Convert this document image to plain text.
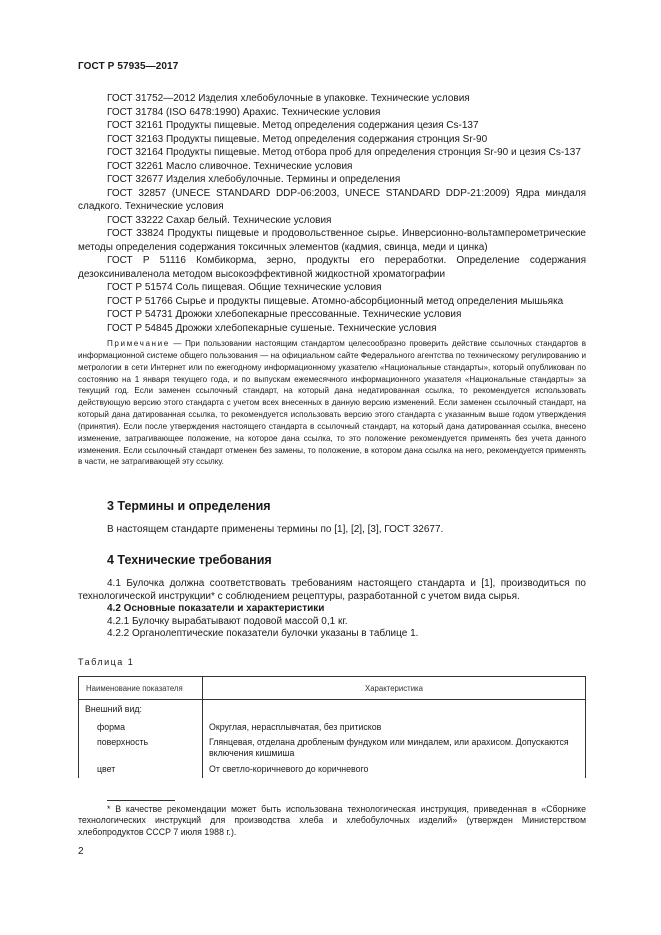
ГОСТ Р 57935—2017

ГОСТ 31752—2012 Изделия хлебобулочные в упаковке. Технические условия

ГОСТ 31784 (ISO 6478:1990) Арахис. Технические условия

ГОСТ 32161 Продукты пищевые. Метод определения содержания цезия Cs-137

ГОСТ 32163 Продукты пищевые. Метод определения содержания стронция Sr-90

ГОСТ 32164 Продукты пищевые. Метод отбора проб для определения стронция Sr-90 и цезия Cs-137

ГОСТ 32261 Масло сливочное. Технические условия

ГОСТ 32677 Изделия хлебобулочные. Термины и определения

ГОСТ 32857 (UNECE STANDARD DDP-06:2003, UNECE STANDARD DDP-21:2009) Ядра миндаля сладкого. Технические условия

ГОСТ 33222 Сахар белый. Технические условия

ГОСТ 33824 Продукты пищевые и продовольственное сырье. Инверсионно-вольтамперометрические методы определения содержания токсичных элементов (кадмия, свинца, меди и цинка)

ГОСТ Р 51116 Комбикорма, зерно, продукты его переработки. Определение содержания дезоксиниваленола методом высокоэффективной жидкостной хроматографии

ГОСТ Р 51574 Соль пищевая. Общие технические условия

ГОСТ Р 51766 Сырье и продукты пищевые. Атомно-абсорбционный метод определения мышьяка

ГОСТ Р 54731 Дрожжи хлебопекарные прессованные. Технические условия

ГОСТ Р 54845 Дрожжи хлебопекарные сушеные. Технические условия

Примечание — При пользовании настоящим стандартом целесообразно проверить действие ссылочных стандартов в информационной системе общего пользования — на официальном сайте Федерального агентства по техническому регулированию и метрологии в сети Интернет или по ежегодному информационному указателю «Национальные стандарты», который опубликован по состоянию на 1 января текущего года, и по выпускам ежемесячного информационного указателя «Национальные стандарты» за текущий год. Если заменен ссылочный стандарт, на который дана недатированная ссылка, то рекомендуется использовать действующую версию этого стандарта с учетом всех внесенных в данную версию изменений. Если заменен ссылочный стандарт, на который дана датированная ссылка, то рекомендуется использовать версию этого стандарта с указанным выше годом утверждения (принятия). Если после утверждения настоящего стандарта в ссылочный стандарт, на который дана датированная ссылка, внесено изменение, затрагивающее положение, на которое дана ссылка, то это положение рекомендуется применять без учета данного изменения. Если ссылочный стандарт отменен без замены, то положение, в котором дана ссылка на него, рекомендуется применять в части, не затрагивающей эту ссылку.
3 Термины и определения

В настоящем стандарте применены термины по [1], [2], [3], ГОСТ 32677.

4 Технические требования

4.1 Булочка должна соответствовать требованиям настоящего стандарта и [1], производиться по технологической инструкции* с соблюдением рецептуры, разработанной с учетом вида сырья.

4.2 Основные показатели и характеристики

4.2.1 Булочку вырабатывают подовой массой 0,1 кг.

4.2.2 Органолептические показатели булочки указаны в таблице 1.

Таблица 1
Наименование показателя	Характеристика
Внешний вид:	
форма	Округлая, нерасплывчатая, без притисков
поверхность	Глянцевая, отделана дробленым фундуком или миндалем, или арахисом. Допускаются включения кишмиша
цвет	От светло-коричневого до коричневого
* В качестве рекомендации может быть использована технологическая инструкция, приведенная в «Сборнике технологических инструкций для производства хлеба и хлебобулочных изделий» (утвержден Министерством хлебопродуктов СССР 7 июля 1988 г.).
2
